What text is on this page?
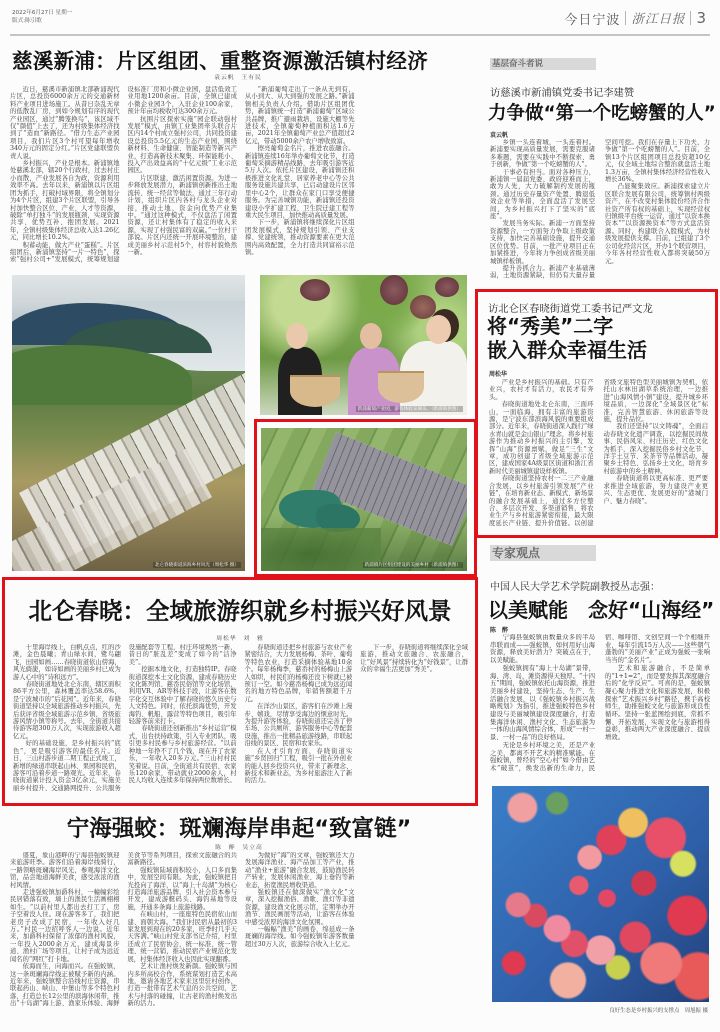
2022年6月27日 星期一
版式:陈引歌	今日宁波 浙江日报 3
慈溪新浦：片区组团、重整资源激活镇村经济
袁云帆　王有民

近日，慈溪市新浦镇北部新浦现代片区，总投资6000余万元的交通新材料产业项目进场施工。从昔日杂乱无章的低散乱厂房，到如今规划有序的现代产业园区，通过“腾笼换鸟”，该区域不仅“颜值”上去了，还为村级集体经济找到了“造血”新路径。“借力生态产业园项目，我们片区3个村可望每年增收340万元的固定分红。”片区党建联盟负责人说。

乡村振兴，产业是根本。新浦镇地处慈溪北部，辖20个行政村，过去村庄小而散，产业发展各自为政，资源利用效率不高。去年以来，新浦镇以片区组团为抓手，打破村域界限，将全镇划分为4个片区，组建3个片区联盟，引导各村加快整合区位、产业、人才等资源，破除“单打独斗”的发展瓶颈，实现资源共享、优势互补、抱团发展。2021年，全镇村级集体经济总收入达1.26亿元，同比增长10.2%。

积蓄动能，做大产业“蛋糕”。片区组团后，新浦镇坚持“一片一特色”，探索“强村公司+”发展模式，统筹规划建设标准厂房和小微企业园，盘活低效工业用地1200余亩。目前，全镇已建成小微企业园3个，入驻企业100余家，预计年亩均税收可达300余万元。

抗围片区探索实施“园企联动强村发展”模式，由镇工业集团牵头联合片区内14个村成立强村公司，共同投资建设总投资5.5亿元的生态产业园，围绕新材料、生命健康、智能制造等新兴产业，打造高新技术聚集、环保能耗小、投入产出效益高的“十亿元级”工业示范园区。

片区联建，激活闲置资源。为进一步释放发展潜力，新浦镇创新推出土地流转、统一经营等做法，通过三年行动计划，组织片区内各村与龙头企业对接，推动土地、资金向优势产业集中。“通过这种模式，不仅盘活了闲置资源，还让村集体有了稳定的收入来源，实现了村强民富的双赢。”一位村干部说。片区内还统一开展环境整治，建成美丽乡村示范村5个，村容村貌焕然一新。

“新浦葡萄走出了一条从无到有、从小到大、从大到强的发展之路。”新浦镇相关负责人介绍。借助片区组团优势，新浦镇统一打造“新浦葡萄”区域公共品牌，推广避雨栽培、设施大棚等先进技术，全镇葡萄种植面积达1.6万亩，2021年全镇葡萄产业总产值超过2亿元，带动5000余户农户增收致富。

擦亮葡萄金名片，推进农旅融合。新浦镇连续16年举办葡萄文化节，打造葡萄采摘游精品线路，去年吸引游客近5万人次。依托片区建设，新浦镇还积极推进文化礼堂、居家养老中心等公共服务设施共建共享，已启动建设片区邻里中心2个，让群众在家门口享受便捷服务。为完善城镇功能，新浦镇还投资建设小学扩建工程、卫生院迁建工程等重大民生项目，加快推动高质量发展。

下一步，新浦镇将继续深化片区组团发展模式，坚持规划引领、产业支撑、党建统领，推动资源要素在更大范围内高效配置，全力打造共同富裕示范镇。

北仑春晓街道滨海乡村风光（周松华 摄）
新浦葡萄产业园，游客体验采摘乐。（新浦镇供图）
新浦镇片区组团建设的美丽乡村（新浦镇供图）
北仑春晓：全域旅游织就乡村振兴好风景
周松华　刘　雅

十里海岸线上，白帆点点，红的沙滩，金色晨曦；青山绿水间，鹭鸟翩飞，田园如画……春晓街道依山傍海，风光旖旎，如诗如画的美丽乡村已成为游人心中的“诗和远方”。

春晓街道地处北仑东南，辖区面积86平方公里，森林覆盖率达58.6%，是宁波城市的“后花园”。近年来，春晓街道坚持以全域旅游推动乡村振兴，先后获评省级全域旅游示范乡镇、省级旅游风情小镇等称号。去年，全街道共接待游客超300万人次，实现旅游收入超亿元。

好的基础设施，是乡村振兴的“底色”，更是吸引游客的最佳名片。近日，三山村游步道二期工程正式竣工，新增的绿道串联起山林、果园和民宿，游客可沿着步道一路观光。近年来，春晓街道累计投入资金3亿余元，实施美丽乡村提升、交通路网提升、公共服务设施配套等工程，村庄环境焕然一新，昔日的“脏乱差”变成了如今的“洁净美”。

挖掘本地文化，打造独特IP。春晓街道深挖本土文化资源，建成春晓历史文化陈列馆、慈岙民俗馆等文化场馆，利用VR、AR等科技手段，让游客在数字化交互体验中了解春晓的悠久历史与人文特色。同时，依托滨海优势，开发海钓、帆船、露营等特色项目，吸引年轻游客前来打卡。

春晓街道还创新推出“乡村运营”模式，出台扶持政策，引入专业团队，吸引更多村民参与乡村旅游经营。“以前种地一年挣不了几个钱，现在开了农家乐，一年收入20多万元。”三山村村民笑着说。目前，全街道共有民宿、农家乐120余家，带动就业2000余人，村民人均收入连续多年保持两位数增长。

春晓街道还把乡村旅游与农业产业紧密结合，大力发展杨梅、茶叶、葡萄等特色农业，打造采摘体验基地10余个。每年杨梅季，慈岙村的杨梅山上游人如织，村民们的杨梅还没下树就已被预订一空。如今慈岙杨梅已成为远近闻名的地方特色品牌，年销售额超千万元。

在洋沙山景区，游客们在沙滩上漫步、嬉戏，尽情享受海边的惬意时光。为提升游客体验，春晓街道还完善了停车场、公共厕所、游客服务中心等配套设施，推出一批精品旅游线路，串联起沿线的景区、民宿和农家乐。

在人才引育方面，春晓街道实施“乡贤回归”工程，吸引一批在外创业的能人回乡投资兴业，带来了新理念、新技术和新业态，为乡村旅游注入了新的活力。

下一步，春晓街道将继续深化全域旅游，推动文旅融合、农旅融合，让“好风景”持续转化为“好钱景”，让群众的幸福生活更加“秀美”。

宁海强蛟：斑斓海岸串起“致富链”
陈　醉　吴立高

盛夏，象山港畔的宁海县强蛟镇迎来旅游旺季。游客们沿着海岸线骑行，一路领略斑斓海岸风光，参观海洋文化馆，品尝地道海鲜美食，感受浓浓的渔村风情。

走进强蛟镇加爵科村，一幢幢彩绘民居错落有致，墙上的渔民生活画栩栩如生。“以前村里人都出去打工了，房子空着没人住。现在游客多了，我们把老房子改成了民宿，一年收入好几万。”村民一边招呼客人一边说。近年来，加爵科村保留了浓郁的渔村风貌，一年投入2000余万元，建成海景步道、渔村广场等项目，让村子成为远近闻名的“网红”打卡地。

依海而生，向海而兴。在强蛟镇，这一条斑斓海岸线正被赋予新的内涵。近年来，强蛟镇整合沿线村庄资源，串联起药山、峡山、中堡山等多个特色村落，打造总长12公里的滨海休闲带，推出“十岛湖”海上游、渔家乐体验、海鲜美食节等系列项目，探索文旅融合的共富新路径。

强蛟镇陆域面积较小，人口多而集中，发展空间有限。为此，强蛟镇把目光投向了海洋，以“海上十岛湖”为核心打造海洋旅游品牌，引入社会资本参与开发，建成游艇码头、海钓基地等设施，开通多条海上旅游线路。

在峡山村，一座座特色民宿依山而建、面朝大海。“我们村民宿从最初的3家发展到现在的20多家，旺季时几乎天天客满。”峡山村党支部书记介绍，村里还成立了民宿协会，统一标准、统一管理、统一营销，推动民宿产业规范化发展，村集体经济收入也因此实现翻番。

艺术让渔村焕发新颜。强蛟镇与国内多所高校合作，系统谋划打造艺术高地，邀请各地艺术家来这里驻村创作，打造一批带有艺术气息的公共空间，艺术与村落的碰撞，让古老的渔村焕发出新的活力。

为做好“海”的文章，强蛟镇还大力发展海洋渔业、海产品加工等产业，推动“渔业+旅游”融合发展，鼓励渔民转产转业，发展休闲渔业、海上垂钓等新业态，拓宽渔民增收渠道。

强蛟镇还在做深做实“渔文化”文章，深入挖掘渔俗、渔歌、渔灯等非遗资源，建设渔文化展示馆，定期举办开渔节、渔民画展等活动，让游客在体验中感受浓厚的海洋文化氛围。

一幅幅“渔美”的画卷，绵延成一条斑斓的海岸线。如今强蛟镇年游客数量超过30万人次，旅游综合收入上亿元。

基层奋斗者说
访慈溪市新浦镇党委书记李建赞
力争做“第一个吃螃蟹的人”
袁云帆

乡镇一头连着城，一头连着村。新浦要实现高质量发展，需要克服诸多难题，需要在实践中不断探索、勇于创新，争做“第一个吃螃蟹的人”。

干事必有担当。面对各种压力，新浦镇一届届党委、政府迎难而上，敢为人先，大力破解制约发展的瓶颈。通过历史存量资产处置、腾退低效企业等举措，全面盘活了发展空间，为乡村振兴打下了坚实的“底座”。

发展当务实际。新浦一方面坚持资源整合，一方面努力争取上级政策支持，加快完善基础设施，提升交通区位优势。目前，一批产业项目正在加紧推进，今年将力争创成省级美丽城镇样板镇。

提升善抓合力。新浦产业基础薄弱，土地资源紧缺，但仍有大量存量空间可挖。我们在存量上下功夫，力争做“第一个吃螃蟹的人”。目前，全镇13个片区组团项目总投资超10亿元，仅全域土地综合整治就盘活土地1.3万亩，全镇村集体经济经营性收入增长36%。

凸显聚集效应。新浦探索建立片区联合发展有限公司，统筹镇村两级资产，在不改变村集体股份经济合作社资产所有权的基础上，实现经营权归镇级平台统一运营，通过“以资本换资本”“以资源换资本”等方式盘活资源。同时，构建联合入股模式，为村级发展提供支撑。目前，已组建了3个公司化经营片区，开办1个联营项目，今年各村经营性收入都将突破50万元。

访北仑区春晓街道党工委书记严文龙
将“秀美”二字
嵌入群众幸福生活
周松华

产业是乡村振兴的基础。只有产业兴，农村才有活力，农民才有奔头。

春晓街道地处北仑东南，三面环山，一面临海，拥有丰富的旅游资源，是宁波东部滨海风貌的重要组成部分。近年来，春晓街道深入践行“绿水青山就是金山银山”理念，将乡村旅游作为推动乡村振兴的主引擎，发挥“山海”资源禀赋，做足“三生”文章，成功创建了省级全域旅游示范区，建成国家4A级景区街道和浙江省新时代美丽城镇建设样板镇。

春晓街道坚持农村一二三产业融合发展，以乡村旅游引领发展“产业链”，在培育新业态、新模式、新场景的融合发展基础上，通过多方位整合、多层次开发、多渠道销售，将农业生产与乡村旅游紧密衔接，最大限度延长产业链、提升价值链。以创建省级文旅特色型美丽城镇为契机，依托山水林田湖草系统治理，一边推进“山海风情小镇”建设，提升城乡环境品质，一边深化“全域景区化”标准，完善智慧旅游、休闲旅游等设施，提升品位。

我们还坚持“以文铸魂”，全面启动春晓文化遗产调查，以挖掘民间故事、民俗风采、村庄历史、红色文化为抓手，深入挖掘民俗乡村文化节、洋芋土豆节、采茶节等品牌活动，凝聚乡土特色、弘扬乡土文化，培育乡村旅游中的乡土精神。

春晓街道将以更高标准、更严要求推进全域旅游，努力建设产业更兴、生态更优、发展更好的“港城门户、魅力春晓”。

专家观点
中国人民大学艺术学院副教授丛志强：
以美赋能　念好“山海经”
陈　醉

宁海县强蛟镇由数量众多的半岛串联而成——强蛟镇，如何用好山海资源，释放美好潜力？突破点在于，以美赋能。

强蛟镇拥有“海上十岛湖”景带，海、湾、岛、滩资源得天独厚。“十四五”期间，强蛟镇依托山海资源，推进美丽乡村建设，坚持生态、生产、生活融合发展，以《强蛟镇乡村振兴战略规划》为指引，推进强蛟特色乡村建设与美丽城镇建设深度融合，打造集海洋休闲、渔村文化、生态旅游为一体的山海风情综合体，形成“一村一景、一村一品”的良好格局。

无论是乡村环境之美，还是产业之美，都离不开艺术的精准赋能。在强蛟镇，曾经的“空心村”如今借由艺术“破茧”，焕发出新的生命力，民宿、咖啡馆、文创空间一个个相继开业，每年引流15万人次——这些朝气蓬勃的“美丽产业”正成为强蛟一张响当当的“金名片”。

艺术和旅游融合，不是简单的“1+1=2”，而是要发挥其深度融合后的“化学反应”。可喜的是，强蛟镇凝心聚力推进文化和旅游发展，积极探索“艺术振兴乡村”路径，携手高校师生，助推强蛟文化与旅游形成良性循环。坚持一张蓝图绘到底，常抓不懈、开拓发展，实现文化与旅游相得益彰，推动两大产业深度融合、提质增效。

良好生态是乡村振兴的支撑点　周旭振 摄
